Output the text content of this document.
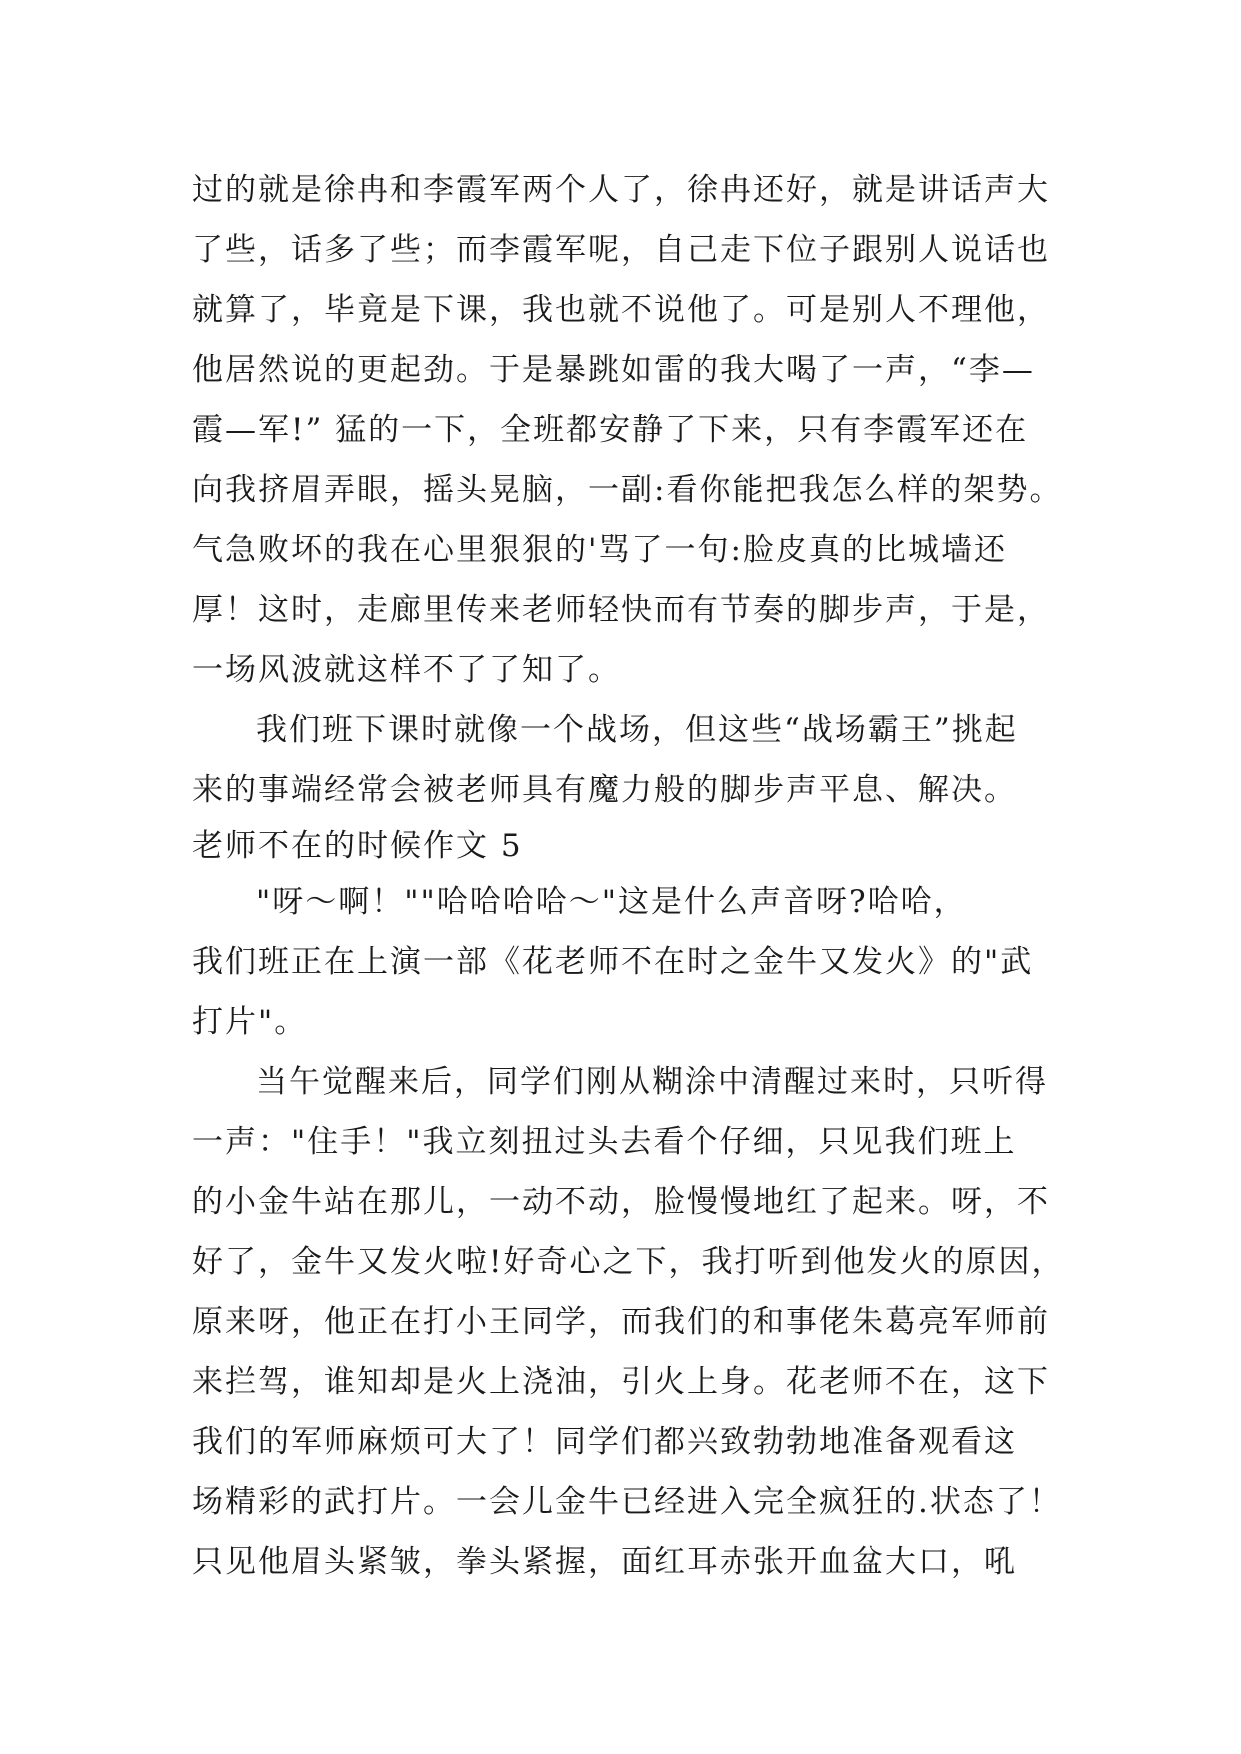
过的就是徐冉和李霞军两个人了，徐冉还好，就是讲话声大
了些，话多了些；而李霞军呢，自己走下位子跟别人说话也
就算了，毕竟是下课，我也就不说他了。可是别人不理他，
他居然说的更起劲。于是暴跳如雷的我大喝了一声，“李—
霞—军!” 猛的一下，全班都安静了下来，只有李霞军还在
向我挤眉弄眼，摇头晃脑，一副:看你能把我怎么样的架势。
气急败坏的我在心里狠狠的'骂了一句:脸皮真的比城墙还
厚！这时，走廊里传来老师轻快而有节奏的脚步声，于是，
一场风波就这样不了了知了。
我们班下课时就像一个战场，但这些“战场霸王”挑起
来的事端经常会被老师具有魔力般的脚步声平息、解决。
老师不在的时候作文 5
"呀～啊！""哈哈哈哈～"这是什么声音呀?哈哈，
我们班正在上演一部《花老师不在时之金牛又发火》的"武
打片"。
当午觉醒来后，同学们刚从糊涂中清醒过来时，只听得
一声："住手！"我立刻扭过头去看个仔细，只见我们班上
的小金牛站在那儿，一动不动，脸慢慢地红了起来。呀，不
好了，金牛又发火啦!好奇心之下，我打听到他发火的原因，
原来呀，他正在打小王同学，而我们的和事佬朱葛亮军师前
来拦驾，谁知却是火上浇油，引火上身。花老师不在，这下
我们的军师麻烦可大了！同学们都兴致勃勃地准备观看这
场精彩的武打片。一会儿金牛已经进入完全疯狂的.状态了！
只见他眉头紧皱，拳头紧握，面红耳赤张开血盆大口，吼
